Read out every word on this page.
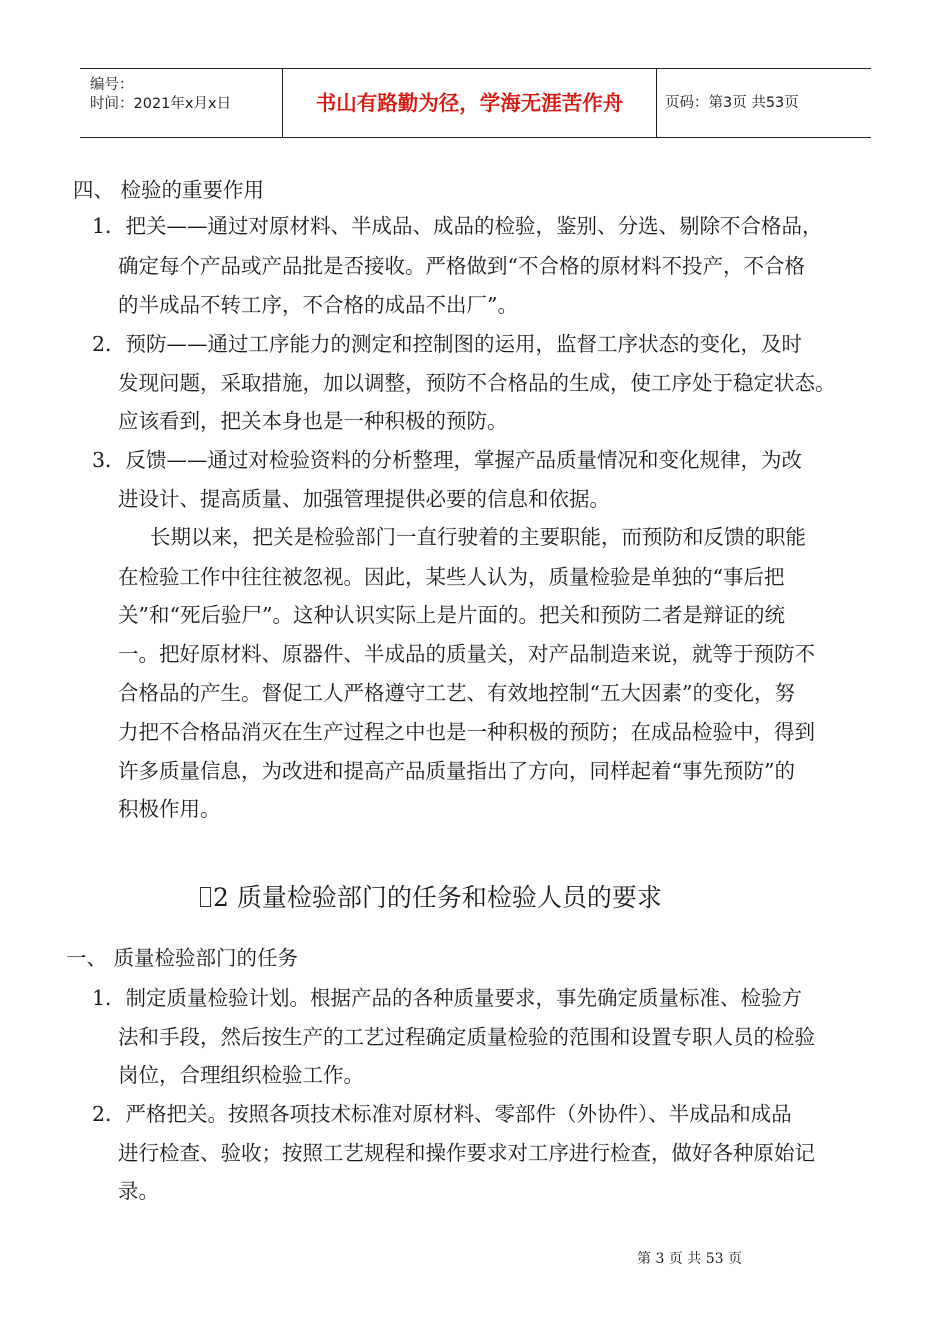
编号：
时间：2021年x月x日	书山有路勤为径，学海无涯苦作舟	页码：第3页 共53页

四、 检验的重要作用

1．把关——通过对原材料、半成品、成品的检验，鉴别、分选、剔除不合格品，

确定每个产品或产品批是否接收。严格做到“不合格的原材料不投产，不合格

的半成品不转工序，不合格的成品不出厂”。

2．预防——通过工序能力的测定和控制图的运用，监督工序状态的变化，及时

发现问题，采取措施，加以调整，预防不合格品的生成，使工序处于稳定状态。

应该看到，把关本身也是一种积极的预防。

3．反馈——通过对检验资料的分析整理，掌握产品质量情况和变化规律，为改

进设计、提高质量、加强管理提供必要的信息和依据。

长期以来，把关是检验部门一直行驶着的主要职能，而预防和反馈的职能

在检验工作中往往被忽视。因此，某些人认为，质量检验是单独的“事后把

关”和“死后验尸”。这种认识实际上是片面的。把关和预防二者是辩证的统

一。把好原材料、原器件、半成品的质量关，对产品制造来说，就等于预防不

合格品的产生。督促工人严格遵守工艺、有效地控制“五大因素”的变化，努

力把不合格品消灭在生产过程之中也是一种积极的预防；在成品检验中，得到

许多质量信息，为改进和提高产品质量指出了方向，同样起着“事先预防”的

积极作用。

2 质量检验部门的任务和检验人员的要求

一、 质量检验部门的任务

1．制定质量检验计划。根据产品的各种质量要求，事先确定质量标准、检验方

法和手段，然后按生产的工艺过程确定质量检验的范围和设置专职人员的检验

岗位，合理组织检验工作。

2．严格把关。按照各项技术标准对原材料、零部件（外协件）、半成品和成品

进行检查、验收；按照工艺规程和操作要求对工序进行检查，做好各种原始记

录。

第 3 页 共 53 页
